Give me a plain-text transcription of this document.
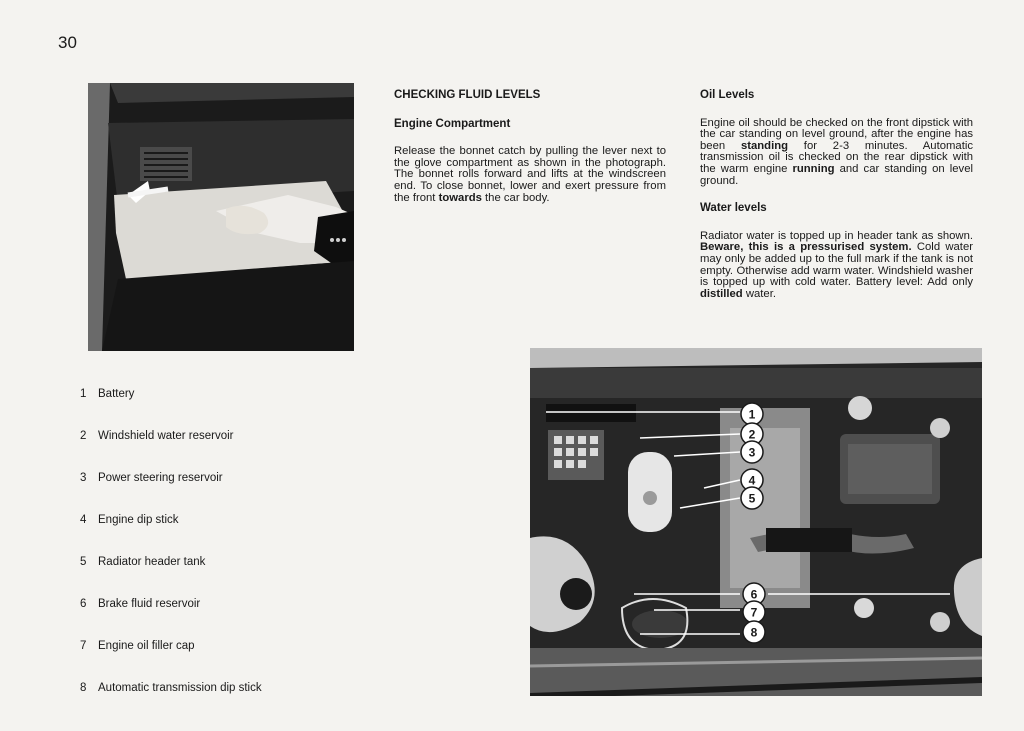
30
CHECKING FLUID LEVELS
Engine Compartment
Release the bonnet catch by pulling the lever next to the glove compartment as shown in the photograph. The bonnet rolls forward and lifts at the windscreen end. To close bonnet, lower and exert pressure from the front towards the car body.
Oil Levels
Engine oil should be checked on the front dipstick with the car standing on level ground, after the engine has been standing for 2-3 minutes. Automatic transmission oil is checked on the rear dipstick with the warm engine running and car standing on level ground.
Water levels
Radiator water is topped up in header tank as shown. Beware, this is a pressurised system. Cold water may only be added up to the full mark if the tank is not empty. Otherwise add warm water. Windshield washer is topped up with cold water. Battery level: Add only distilled water.
1 Battery
2 Windshield water reservoir
3 Power steering reservoir
4 Engine dip stick
5 Radiator header tank
6 Brake fluid reservoir
7 Engine oil filler cap
8 Automatic transmission dip stick
1
2
3
4
5
6
7
8
